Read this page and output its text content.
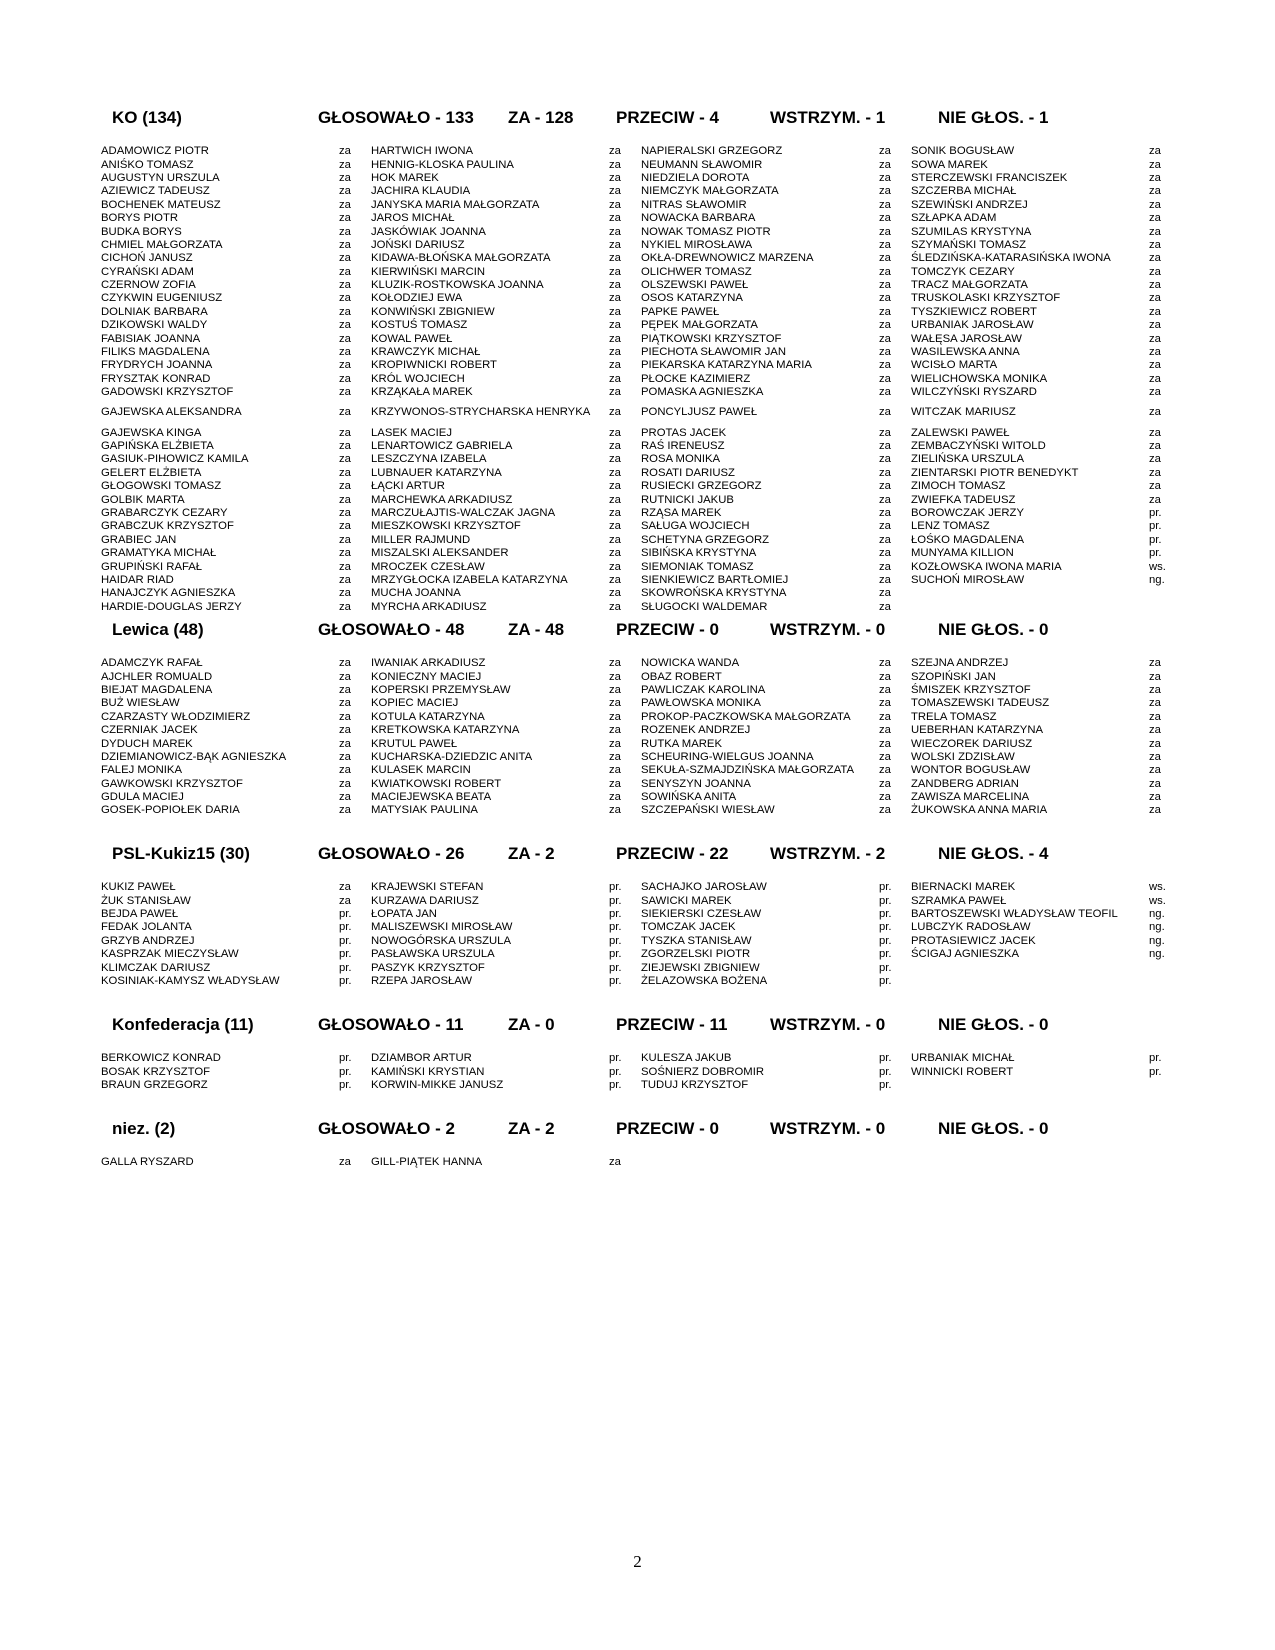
KO (134)	GŁOSOWAŁO - 133 ZA - 128 PRZECIW - 4	WSTRZYM. - 1	NIE GŁOS. - 1
ADAMOWICZ PIOTR	za
ANIŚKO TOMASZ	za
AUGUSTYN URSZULA	za
AZIEWICZ TADEUSZ	za
BOCHENEK MATEUSZ	za
BORYS PIOTR	za
BUDKA BORYS	za
CHMIEL MAŁGORZATA	za
CICHOŃ JANUSZ	za
CYRAŃSKI ADAM	za
CZERNOW ZOFIA	za
CZYKWIN EUGENIUSZ	za
DOLNIAK BARBARA	za
DZIKOWSKI WALDY	za
FABISIAK JOANNA	za
FILIKS MAGDALENA	za
FRYDRYCH JOANNA	za
FRYSZTAK KONRAD	za
GADOWSKI KRZYSZTOF	za
GAJEWSKA ALEKSANDRA	za
GAJEWSKA KINGA	za
GAPIŃSKA ELŻBIETA	za
GASIUK-PIHOWICZ KAMILA	za
GELERT ELŻBIETA	za
GŁOGOWSKI TOMASZ	za
GOLBIK MARTA	za
GRABARCZYK CEZARY	za
GRABCZUK KRZYSZTOF	za
GRABIEC JAN	za
GRAMATYKA MICHAŁ	za
GRUPIŃSKI RAFAŁ	za
HAIDAR RIAD	za
HANAJCZYK AGNIESZKA	za
HARDIE-DOUGLAS JERZY	za
HARTWICH IWONA	za
HENNIG-KLOSKA PAULINA	za
HOK MAREK	za
JACHIRA KLAUDIA	za
JANYSKA MARIA MAŁGORZATA	za
JAROS MICHAŁ	za
JASKÓWIAK JOANNA	za
JOŃSKI DARIUSZ	za
KIDAWA-BŁOŃSKA MAŁGORZATA	za
KIERWIŃSKI MARCIN	za
KLUZIK-ROSTKOWSKA JOANNA	za
KOŁODZIEJ EWA	za
KONWIŃSKI ZBIGNIEW	za
KOSTUŚ TOMASZ	za
KOWAL PAWEŁ	za
KRAWCZYK MICHAŁ	za
KROPIWNICKI ROBERT	za
KRÓL WOJCIECH	za
KRZĄKAŁA MAREK	za
KRZYWONOS-STRYCHARSKA HENRYKA	za
LASEK MACIEJ	za
LENARTOWICZ GABRIELA	za
LESZCZYNA IZABELA	za
LUBNAUER KATARZYNA	za
ŁĄCKI ARTUR	za
MARCHEWKA ARKADIUSZ	za
MARCZUŁAJTIS-WALCZAK JAGNA	za
MIESZKOWSKI KRZYSZTOF	za
MILLER RAJMUND	za
MISZALSKI ALEKSANDER	za
MROCZEK CZESŁAW	za
MRZYGŁOCKA IZABELA KATARZYNA	za
MUCHA JOANNA	za
MYRCHA ARKADIUSZ	za
NAPIERALSKI GRZEGORZ	za
NEUMANN SŁAWOMIR	za
NIEDZIELA DOROTA	za
NIEMCZYK MAŁGORZATA	za
NITRAS SŁAWOMIR	za
NOWACKA BARBARA	za
NOWAK TOMASZ PIOTR	za
NYKIEL MIROSŁAWA	za
OKŁA-DREWNOWICZ MARZENA	za
OLICHWER TOMASZ	za
OLSZEWSKI PAWEŁ	za
OSOS KATARZYNA	za
PAPKE PAWEŁ	za
PĘPEK MAŁGORZATA	za
PIĄTKOWSKI KRZYSZTOF	za
PIECHOTA SŁAWOMIR JAN	za
PIEKARSKA KATARZYNA MARIA	za
PŁOCKE KAZIMIERZ	za
POMASKA AGNIESZKA	za
PONCYLJUSZ PAWEŁ	za
PROTAS JACEK	za
RAŚ IRENEUSZ	za
ROSA MONIKA	za
ROSATI DARIUSZ	za
RUSIECKI GRZEGORZ	za
RUTNICKI JAKUB	za
RZĄSA MAREK	za
SAŁUGA WOJCIECH	za
SCHETYNA GRZEGORZ	za
SIBIŃSKA KRYSTYNA	za
SIEMONIAK TOMASZ	za
SIENKIEWICZ BARTŁOMIEJ	za
SKOWROŃSKA KRYSTYNA	za
SŁUGOCKI WALDEMAR	za
SONIK BOGUSŁAW	za
SOWA MAREK	za
STERCZEWSKI FRANCISZEK	za
SZCZERBA MICHAŁ	za
SZEWIŃSKI ANDRZEJ	za
SZŁAPKA ADAM	za
SZUMILAS KRYSTYNA	za
SZYMAŃSKI TOMASZ	za
ŚLEDZIŃSKA-KATARASIŃSKA IWONA	za
TOMCZYK CEZARY	za
TRACZ MAŁGORZATA	za
TRUSKOLASKI KRZYSZTOF	za
TYSZKIEWICZ ROBERT	za
URBANIAK JAROSŁAW	za
WAŁĘSA JAROSŁAW	za
WASILEWSKA ANNA	za
WCISŁO MARTA	za
WIELICHOWSKA MONIKA	za
WILCZYŃSKI RYSZARD	za
WITCZAK MARIUSZ	za
ZALEWSKI PAWEŁ	za
ZEMBACZYŃSKI WITOLD	za
ZIELIŃSKA URSZULA	za
ZIENTARSKI PIOTR BENEDYKT	za
ZIMOCH TOMASZ	za
ZWIEFKA TADEUSZ	za
BOROWCZAK JERZY	pr.
LENZ TOMASZ	pr.
ŁOŚKO MAGDALENA	pr.
MUNYAMA KILLION	pr.
KOZŁOWSKA IWONA MARIA	ws.
SUCHOŃ MIROSŁAW	ng.
Lewica (48)	GŁOSOWAŁO - 48	ZA - 48	PRZECIW - 0	WSTRZYM. - 0	NIE GŁOS. - 0
ADAMCZYK RAFAŁ	za
AJCHLER ROMUALD	za
BIEJAT MAGDALENA	za
BUŻ WIESŁAW	za
CZARZASTY WŁODZIMIERZ	za
CZERNIAK JACEK	za
DYDUCH MAREK	za
DZIEMIANOWICZ-BĄK AGNIESZKA	za
FALEJ MONIKA	za
GAWKOWSKI KRZYSZTOF	za
GDULA MACIEJ	za
GOSEK-POPIOŁEK DARIA	za
IWANIAK ARKADIUSZ	za
KONIECZNY MACIEJ	za
KOPERSKI PRZEMYSŁAW	za
KOPIEC MACIEJ	za
KOTULA KATARZYNA	za
KRETKOWSKA KATARZYNA	za
KRUTUL PAWEŁ	za
KUCHARSKA-DZIEDZIC ANITA	za
KULASEK MARCIN	za
KWIATKOWSKI ROBERT	za
MACIEJEWSKA BEATA	za
MATYSIAK PAULINA	za
NOWICKA WANDA	za
OBAZ ROBERT	za
PAWLICZAK KAROLINA	za
PAWŁOWSKA MONIKA	za
PROKOP-PACZKOWSKA MAŁGORZATA	za
ROZENEK ANDRZEJ	za
RUTKA MAREK	za
SCHEURING-WIELGUS JOANNA	za
SEKUŁA-SZMAJDZIŃSKA MAŁGORZATA	za
SENYSZYN JOANNA	za
SOWIŃSKA ANITA	za
SZCZEPAŃSKI WIESŁAW	za
SZEJNA ANDRZEJ	za
SZOPIŃSKI JAN	za
ŚMISZEK KRZYSZTOF	za
TOMASZEWSKI TADEUSZ	za
TRELA TOMASZ	za
UEBERHAN KATARZYNA	za
WIECZOREK DARIUSZ	za
WOLSKI ZDZISŁAW	za
WONTOR BOGUSŁAW	za
ZANDBERG ADRIAN	za
ZAWISZA MARCELINA	za
ŻUKOWSKA ANNA MARIA	za
PSL-Kukiz15 (30)	GŁOSOWAŁO - 26	ZA - 2	PRZECIW - 22 WSTRZYM. - 2	NIE GŁOS. - 4
KUKIZ PAWEŁ	za
ŻUK STANISŁAW	za
BEJDA PAWEŁ	pr.
FEDAK JOLANTA	pr.
GRZYB ANDRZEJ	pr.
KASPRZAK MIECZYSŁAW	pr.
KLIMCZAK DARIUSZ	pr.
KOSINIAK-KAMYSZ WŁADYSŁAW	pr.
KRAJEWSKI STEFAN	pr.
KURZAWA DARIUSZ	pr.
ŁOPATA JAN	pr.
MALISZEWSKI MIROSŁAW	pr.
NOWOGÓRSKA URSZULA	pr.
PASŁAWSKA URSZULA	pr.
PASZYK KRZYSZTOF	pr.
RZEPA JAROSŁAW	pr.
SACHAJKO JAROSŁAW	pr.
SAWICKI MAREK	pr.
SIEKIERSKI CZESŁAW	pr.
TOMCZAK JACEK	pr.
TYSZKA STANISŁAW	pr.
ZGORZELSKI PIOTR	pr.
ZIEJEWSKI ZBIGNIEW	pr.
ŻELAZOWSKA BOŻENA	pr.
BIERNACKI MAREK	ws.
SZRAMKA PAWEŁ	ws.
BARTOSZEWSKI WŁADYSŁAW TEOFIL	ng.
LUBCZYK RADOSŁAW	ng.
PROTASIEWICZ JACEK	ng.
ŚCIGAJ AGNIESZKA	ng.
Konfederacja (11)	GŁOSOWAŁO - 11	ZA - 0	PRZECIW - 11	WSTRZYM. - 0	NIE GŁOS. - 0
BERKOWICZ KONRAD	pr.
BOSAK KRZYSZTOF	pr.
BRAUN GRZEGORZ	pr.
DZIAMBOR ARTUR	pr.
KAMIŃSKI KRYSTIAN	pr.
KORWIN-MIKKE JANUSZ	pr.
KULESZA JAKUB	pr.
SOŚNIERZ DOBROMIR	pr.
TUDUJ KRZYSZTOF	pr.
URBANIAK MICHAŁ	pr.
WINNICKI ROBERT	pr.
niez. (2)	GŁOSOWAŁO - 2	ZA - 2	PRZECIW - 0	WSTRZYM. - 0	NIE GŁOS. - 0
GALLA RYSZARD	za	GILL-PIĄTEK HANNA	za
2
